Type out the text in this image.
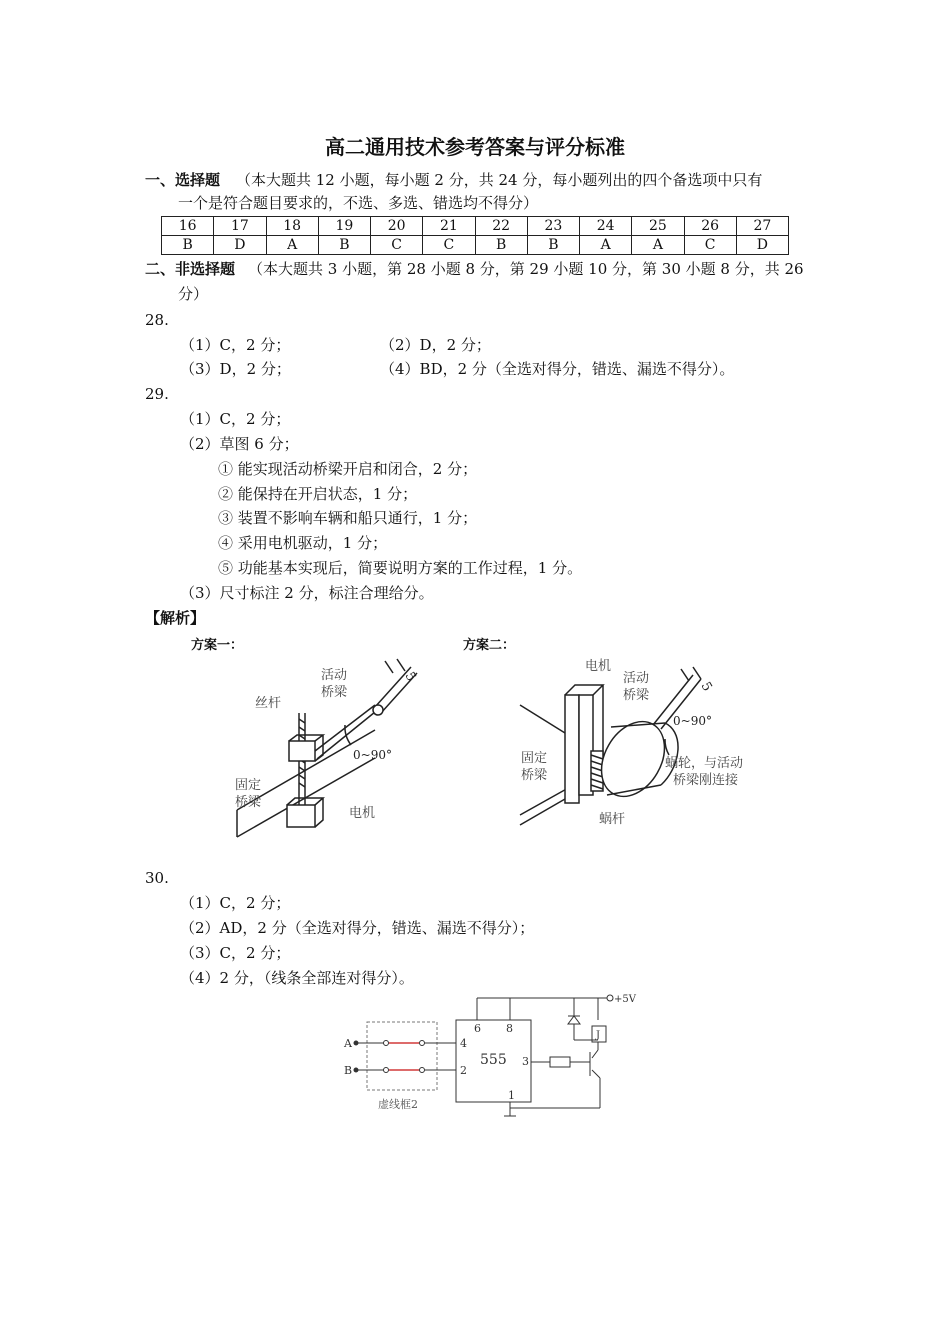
高二通用技术参考答案与评分标准
一、选择题 （本大题共 12 小题，每小题 2 分，共 24 分，每小题列出的四个备选项中只有
一个是符合题目要求的，不选、多选、错选均不得分）
16	17	18	19	20	21	22	23	24	25	26	27
B	D	A	B	C	C	B	B	A	A	C	D
二、非选择题 （本大题共 3 小题，第 28 小题 8 分，第 29 小题 10 分，第 30 小题 8 分，共 26
分）
28.
（1）C，2 分；	（2）D，2 分；
（3）D，2 分；	（4）BD，2 分（全选对得分，错选、漏选不得分）。
29.
（1）C，2 分；
（2）草图 6 分；
① 能实现活动桥梁开启和闭合，2 分；
② 能保持在开启状态，1 分；
③ 装置不影响车辆和船只通行，1 分；
④ 采用电机驱动，1 分；
⑤ 功能基本实现后，简要说明方案的工作过程，1 分。
（3）尺寸标注 2 分，标注合理给分。
【解析】
方案一：	方案二：
5
活动
桥梁
丝杆
0~90°
固定
桥梁
电机
5
电机
活动
桥梁
0~90°
固定
桥梁
蜗轮，与活动
桥梁刚连接
蜗杆
30.
（1）C，2 分；
（2）AD，2 分（全选对得分，错选、漏选不得分）；
（3）C，2 分；
（4）2 分，（线条全部连对得分）。
+5V
6 8
4
2
3
1
555
A
B
J
虚线框2
